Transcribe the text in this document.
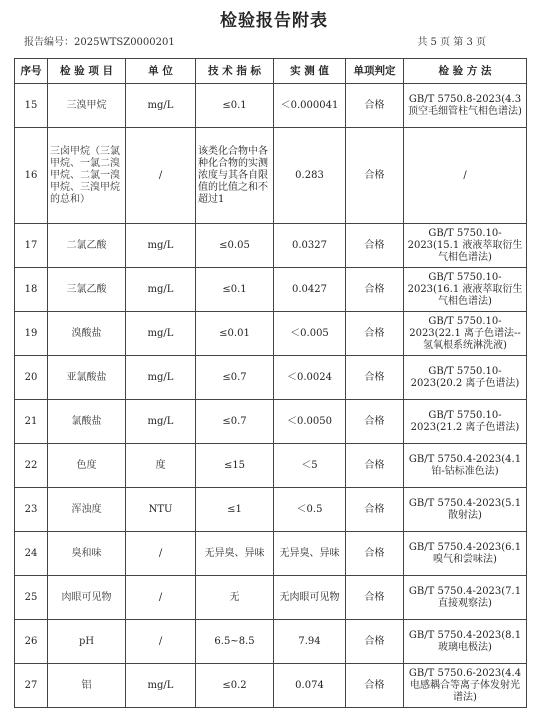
检验报告附表
报告编号：2025WTSZ0000201	共 5 页 第 3 页
序号	检 验 项 目	单 位	技 术 指 标	实 测 值	单项判定	检 验 方 法
15	三溴甲烷	mg/L	≤0.1	＜0.000041	合格	GB/T 5750.8-2023(4.3 顶空毛细管柱气相色谱法)
16	三卤甲烷（三氯甲烷、一氯二溴甲烷、二氯一溴甲烷、三溴甲烷的总和）	/	该类化合物中各种化合物的实测浓度与其各自限值的比值之和不超过1	0.283	合格	/
17	二氯乙酸	mg/L	≤0.05	0.0327	合格	GB/T 5750.10-2023(15.1 液液萃取衍生气相色谱法)
18	三氯乙酸	mg/L	≤0.1	0.0427	合格	GB/T 5750.10-2023(16.1 液液萃取衍生气相色谱法)
19	溴酸盐	mg/L	≤0.01	＜0.005	合格	GB/T 5750.10-2023(22.1 离子色谱法--氢氧根系统淋洗液)
20	亚氯酸盐	mg/L	≤0.7	＜0.0024	合格	GB/T 5750.10-2023(20.2 离子色谱法)
21	氯酸盐	mg/L	≤0.7	＜0.0050	合格	GB/T 5750.10-2023(21.2 离子色谱法)
22	色度	度	≤15	＜5	合格	GB/T 5750.4-2023(4.1 铂-钴标准色法)
23	浑浊度	NTU	≤1	＜0.5	合格	GB/T 5750.4-2023(5.1 散射法)
24	臭和味	/	无异臭、异味	无异臭、异味	合格	GB/T 5750.4-2023(6.1 嗅气和尝味法)
25	肉眼可见物	/	无	无肉眼可见物	合格	GB/T 5750.4-2023(7.1 直接观察法)
26	pH	/	6.5~8.5	7.94	合格	GB/T 5750.4-2023(8.1 玻璃电极法)
27	铝	mg/L	≤0.2	0.074	合格	GB/T 5750.6-2023(4.4 电感耦合等离子体发射光谱法)
